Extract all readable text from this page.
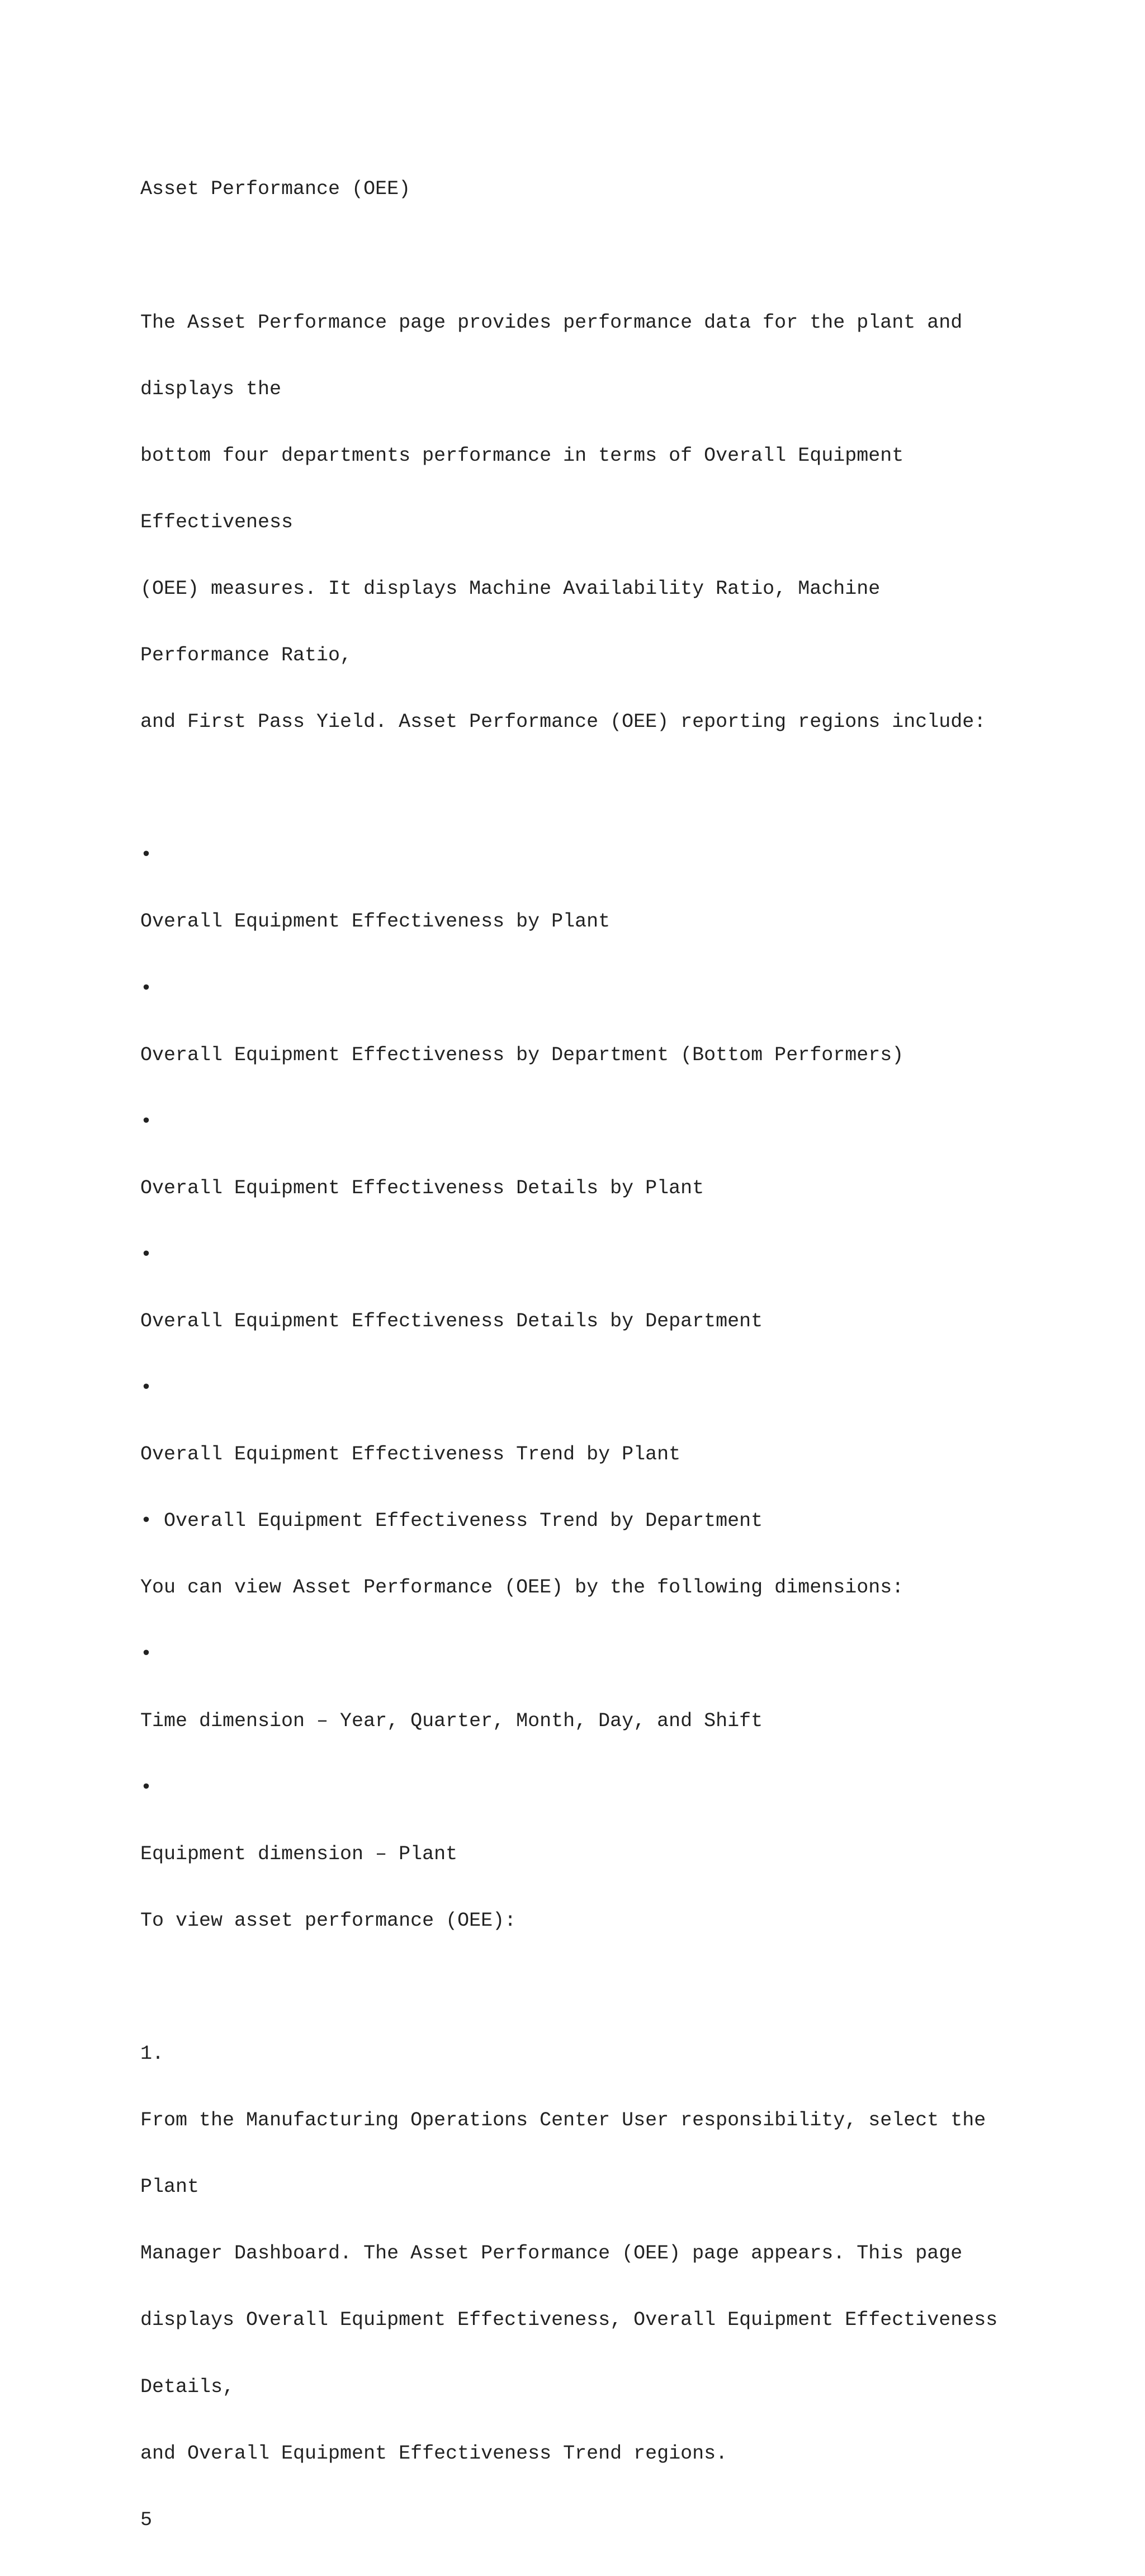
Asset Performance (OEE)

The Asset Performance page provides performance data for the plant and

displays the

bottom four departments performance in terms of Overall Equipment

Effectiveness

(OEE) measures. It displays Machine Availability Ratio, Machine

Performance Ratio,

and First Pass Yield. Asset Performance (OEE) reporting regions include:

•

Overall Equipment Effectiveness by Plant

•

Overall Equipment Effectiveness by Department (Bottom Performers)

•

Overall Equipment Effectiveness Details by Plant

•

Overall Equipment Effectiveness Details by Department

•

Overall Equipment Effectiveness Trend by Plant

• Overall Equipment Effectiveness Trend by Department

You can view Asset Performance (OEE) by the following dimensions:

•

Time dimension – Year, Quarter, Month, Day, and Shift

•

Equipment dimension – Plant

To view asset performance (OEE):

1.

From the Manufacturing Operations Center User responsibility, select the

Plant

Manager Dashboard. The Asset Performance (OEE) page appears. This page

displays Overall Equipment Effectiveness, Overall Equipment Effectiveness

Details,

and Overall Equipment Effectiveness Trend regions.

5
